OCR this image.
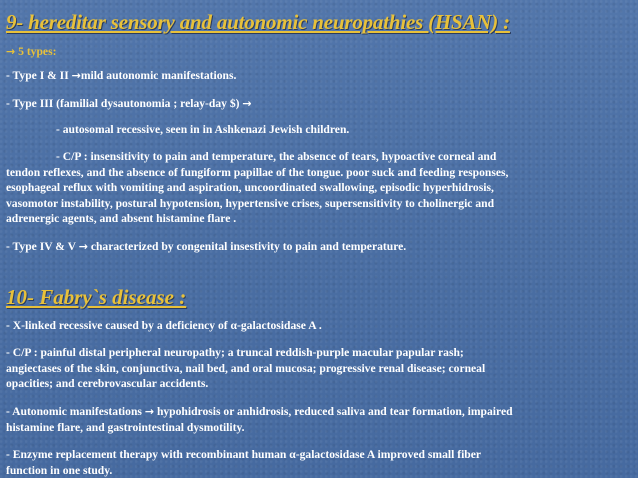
9- hereditar sensory and autonomic neuropathies (HSAN) :

→ 5 types:

- Type I & II →mild autonomic manifestations.

- Type III (familial dysautonomia ; relay-day $) →

- autosomal recessive, seen in in Ashkenazi Jewish children.

- C/P : insensitivity to pain and temperature, the absence of tears, hypoactive corneal and

tendon reflexes, and the absence of fungiform papillae of the tongue. poor suck and feeding responses,

esophageal reflux with vomiting and aspiration, uncoordinated swallowing, episodic hyperhidrosis,

vasomotor instability, postural hypotension, hypertensive crises, supersensitivity to cholinergic and

adrenergic agents, and absent histamine flare .

- Type IV & V → characterized by congenital insestivity to pain and temperature.

10- Fabry`s disease :

- X-linked recessive caused by a deficiency of α-galactosidase A .

- C/P : painful distal peripheral neuropathy; a truncal reddish-purple macular papular rash;

angiectases of the skin, conjunctiva, nail bed, and oral mucosa; progressive renal disease; corneal

opacities; and cerebrovascular accidents.

- Autonomic manifestations → hypohidrosis or anhidrosis, reduced saliva and tear formation, impaired

histamine flare, and gastrointestinal dysmotility.

- Enzyme replacement therapy with recombinant human α-galactosidase A improved small fiber

function in one study.
